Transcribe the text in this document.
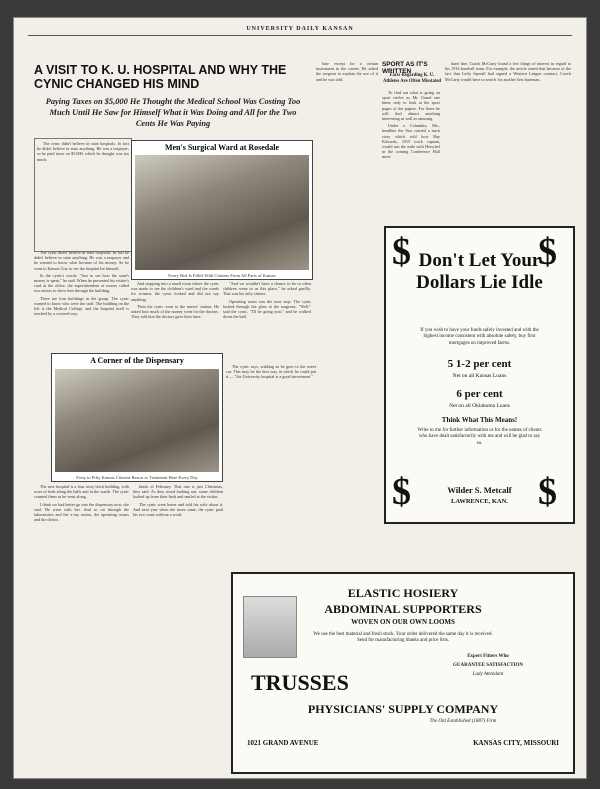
UNIVERSITY DAILY KANSAN
A VISIT TO K. U. HOSPITAL AND WHY THE CYNIC CHANGED HIS MIND
Paying Taxes on $5,000 He Thought the Medical School Was Costing Too Much Until He Saw for Himself What it Was Doing and All for the Two Cents He Was Paying

The cynic didn't believe in state hospitals. In fact he didn't believe in state anything. He was a taxpayer; so he paid taxes on $5,000, which he thought was too much.

The cynic didn't believe in state hospitals. In fact he didn't believe in state anything. He was a taxpayer and he wanted to know what became of his money. So he went to Kansas City to see the hospital for himself.

In the cynic's words: "Just to see how the state's money is spent," he said. When he presented his visitor's card at the office, the superintendent of nurses called two nurses to show him through the building.

There are four buildings in the group. The cynic wanted to know who were the staff. The building on the left is the Medical College, and the hospital itself is reached by a covered way.

Men's Surgical Ward at Rosedale
Every Bed Is Filled With Citizens From All Parts of Kansas

And stopping into a small room where the cynic was made to see the children's ward and the wards for women, the cynic looked and did not say anything.

Then the cynic went to the nurses' station. He asked how much of the money went for the doctors. They told him the doctors gave their time.

"And we wouldn't have a chance to be so often children come to us this place," he asked gruffly. That was his only chance.

Operating room was the next stop. The cynic looked through the glass at the surgeons. "Well," said the cynic, "I'll be going now," and he walked down the hall.

A Corner of the Dispensary
Forty to Fifty Kansas Citizens Resort to Treatment Here Every Day

The new hospital is a four story brick building, with rows of beds along the halls and in the wards. The cynic counted them as he went along.

I think we had better go into the dispensary now, she said. He went with her. And so on through the laboratories and the x-ray rooms, the operating rooms and the clinics.

kinds of February. That one is just Christmas, they said. As they stood looking out, some children looked up from their beds and smiled at the visitor.

The cynic went home and told his wife about it. And next year when the taxes came, the cynic paid his two cents without a word.

The cynic says, walking as he goes to the street car. This may be the best way in which he could put it — "the University hospital is a good investment."

bate except for a certain instrument in the corner. He asked the surgeon to explain the use of it and he was told.

SPORT AS IT'S WRITTEN
Facts Regarding K. U. Athletes Are Often Misstated

To find out what is going on sport circles as Mr. Grand one knew only to look at the sport pages of the papers. For there he will find almost anything interesting as well as amusing.

Under a Columbia, Mo., headline the Star carried a track story which told how Ray Edwards, 1915 track captain, would run the mile with Herschel in the coming Conference Hall meet.

darie line, Coach McCarty found a few things of interest in regard to his 1916 baseball team. For example, the article stated that because of the fact that Lefty Sproull had signed a Western League contract, Coach McCarty would have to search for another first baseman.

$	$
Don't Let Your Dollars Lie Idle
If you wish to have your funds safely invested and with the highest income consistent with absolute safety, buy first mortgages on improved farms.
5 1-2 per cent
Net on all Kansas Loans
6 per cent
Net on all Oklahoma Loans
Think What This Means!
Write to me for further information or for the names of clients who have dealt satisfactorily with me and will be glad to say so.
$	$
Wilder S. Metcalf
LAWRENCE, KAN.
ELASTIC HOSIERY
ABDOMINAL SUPPORTERS
WOVEN ON OUR OWN LOOMS
We use the best material and fresh stock. Your order delivered the same day it is received. Send for manufacturing blanks and price lists.
Expert Fitters Who
GUARANTEE SATISFACTION
Lady Attendant
TRUSSES
PHYSICIANS' SUPPLY COMPANY
The Old Established (1887) Firm
1021 GRAND AVENUE	KANSAS CITY, MISSOURI
